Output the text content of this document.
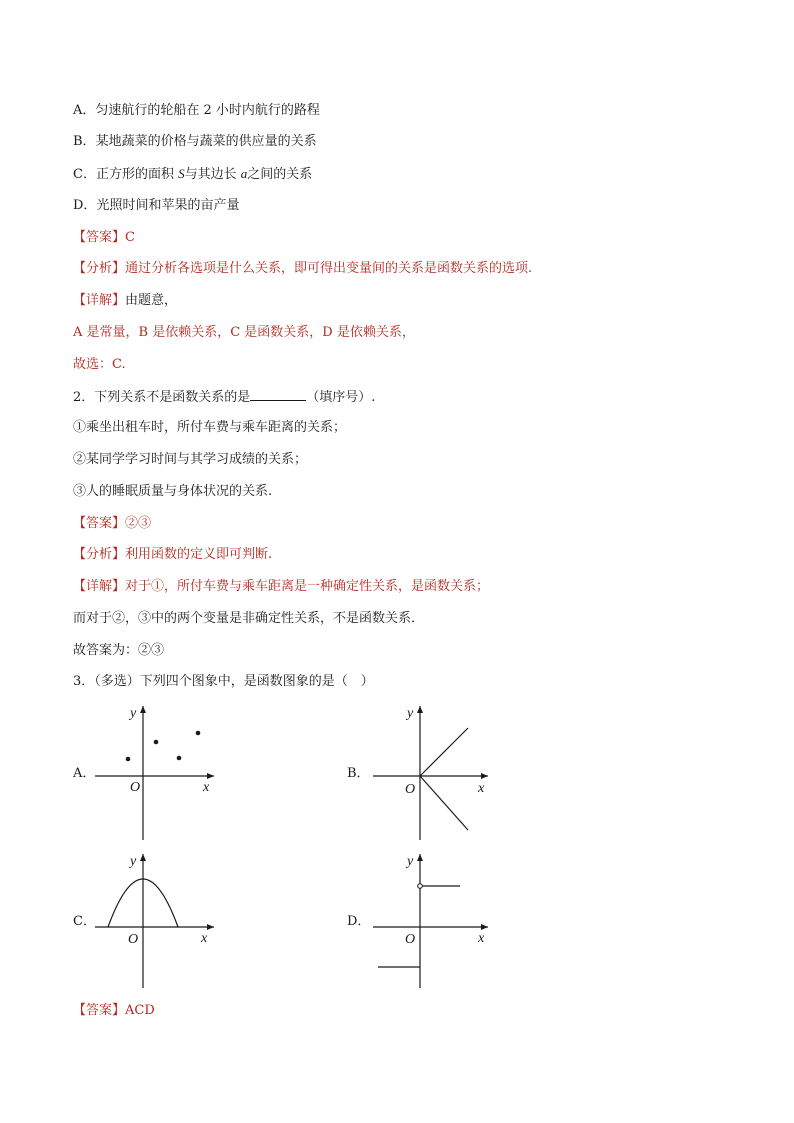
A．匀速航行的轮船在 2 小时内航行的路程
B．某地蔬菜的价格与蔬菜的供应量的关系
C．正方形的面积 S与其边长 a之间的关系
D．光照时间和苹果的亩产量
【答案】C
【分析】通过分析各选项是什么关系，即可得出变量间的关系是函数关系的选项.
【详解】由题意，
A 是常量，B 是依赖关系，C 是函数关系，D 是依赖关系，
故选：C.
2．下列关系不是函数关系的是	（填序号）.
①乘坐出租车时，所付车费与乘车距离的关系；
②某同学学习时间与其学习成绩的关系；
③人的睡眠质量与身体状况的关系.
【答案】②③
【分析】利用函数的定义即可判断.
【详解】对于①，所付车费与乘车距离是一种确定性关系，是函数关系；
而对于②，③中的两个变量是非确定性关系，不是函数关系．
故答案为：②③
3．（多选）下列四个图象中，是函数图象的是（　）
A．
O	x
y
B．
O	x
y
C．
O	x
y
D．
O	x
y
【答案】ACD
